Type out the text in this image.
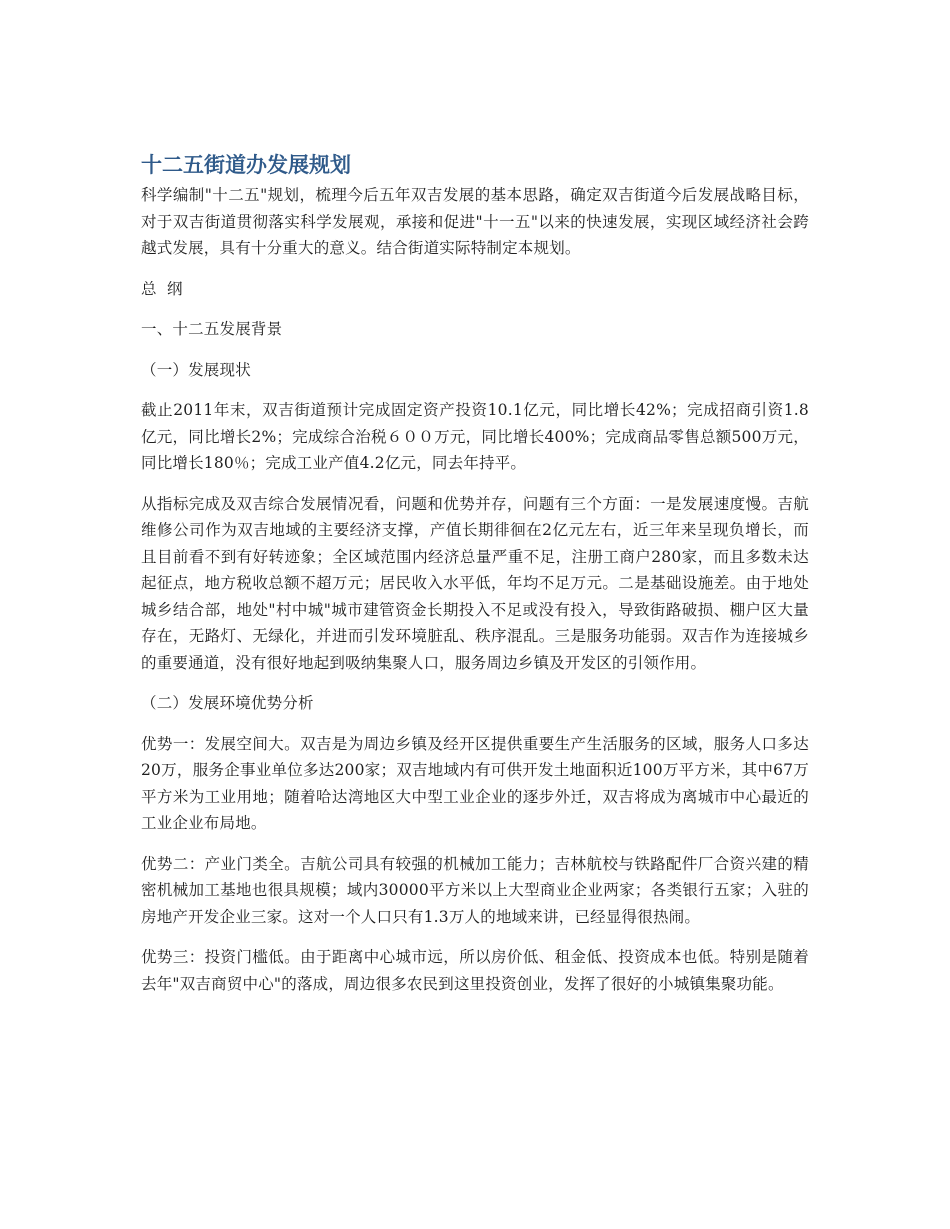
十二五街道办发展规划

科学编制"十二五"规划，梳理今后五年双吉发展的基本思路，确定双吉街道今后发展战略目标，对于双吉街道贯彻落实科学发展观，承接和促进"十一五"以来的快速发展，实现区域经济社会跨越式发展，具有十分重大的意义。结合街道实际特制定本规划。

总  纲

一、十二五发展背景

（一）发展现状

截止2011年末，双吉街道预计完成固定资产投资10.1亿元，同比增长42%；完成招商引资1.8亿元，同比增长2%；完成综合治税６００万元，同比增长400%；完成商品零售总额500万元，同比增长180％；完成工业产值4.2亿元，同去年持平。

从指标完成及双吉综合发展情况看，问题和优势并存，问题有三个方面：一是发展速度慢。吉航维修公司作为双吉地域的主要经济支撑，产值长期徘徊在2亿元左右，近三年来呈现负增长，而且目前看不到有好转迹象；全区域范围内经济总量严重不足，注册工商户280家，而且多数未达起征点，地方税收总额不超万元；居民收入水平低，年均不足万元。二是基础设施差。由于地处城乡结合部，地处"村中城"城市建管资金长期投入不足或没有投入，导致街路破损、棚户区大量存在，无路灯、无绿化，并进而引发环境脏乱、秩序混乱。三是服务功能弱。双吉作为连接城乡的重要通道，没有很好地起到吸纳集聚人口，服务周边乡镇及开发区的引领作用。

（二）发展环境优势分析

优势一：发展空间大。双吉是为周边乡镇及经开区提供重要生产生活服务的区域，服务人口多达20万，服务企事业单位多达200家；双吉地域内有可供开发土地面积近100万平方米，其中67万平方米为工业用地；随着哈达湾地区大中型工业企业的逐步外迁，双吉将成为离城市中心最近的工业企业布局地。

优势二：产业门类全。吉航公司具有较强的机械加工能力；吉林航校与铁路配件厂合资兴建的精密机械加工基地也很具规模；域内30000平方米以上大型商业企业两家；各类银行五家；入驻的房地产开发企业三家。这对一个人口只有1.3万人的地域来讲，已经显得很热闹。

优势三：投资门槛低。由于距离中心城市远，所以房价低、租金低、投资成本也低。特别是随着去年"双吉商贸中心"的落成，周边很多农民到这里投资创业，发挥了很好的小城镇集聚功能。
